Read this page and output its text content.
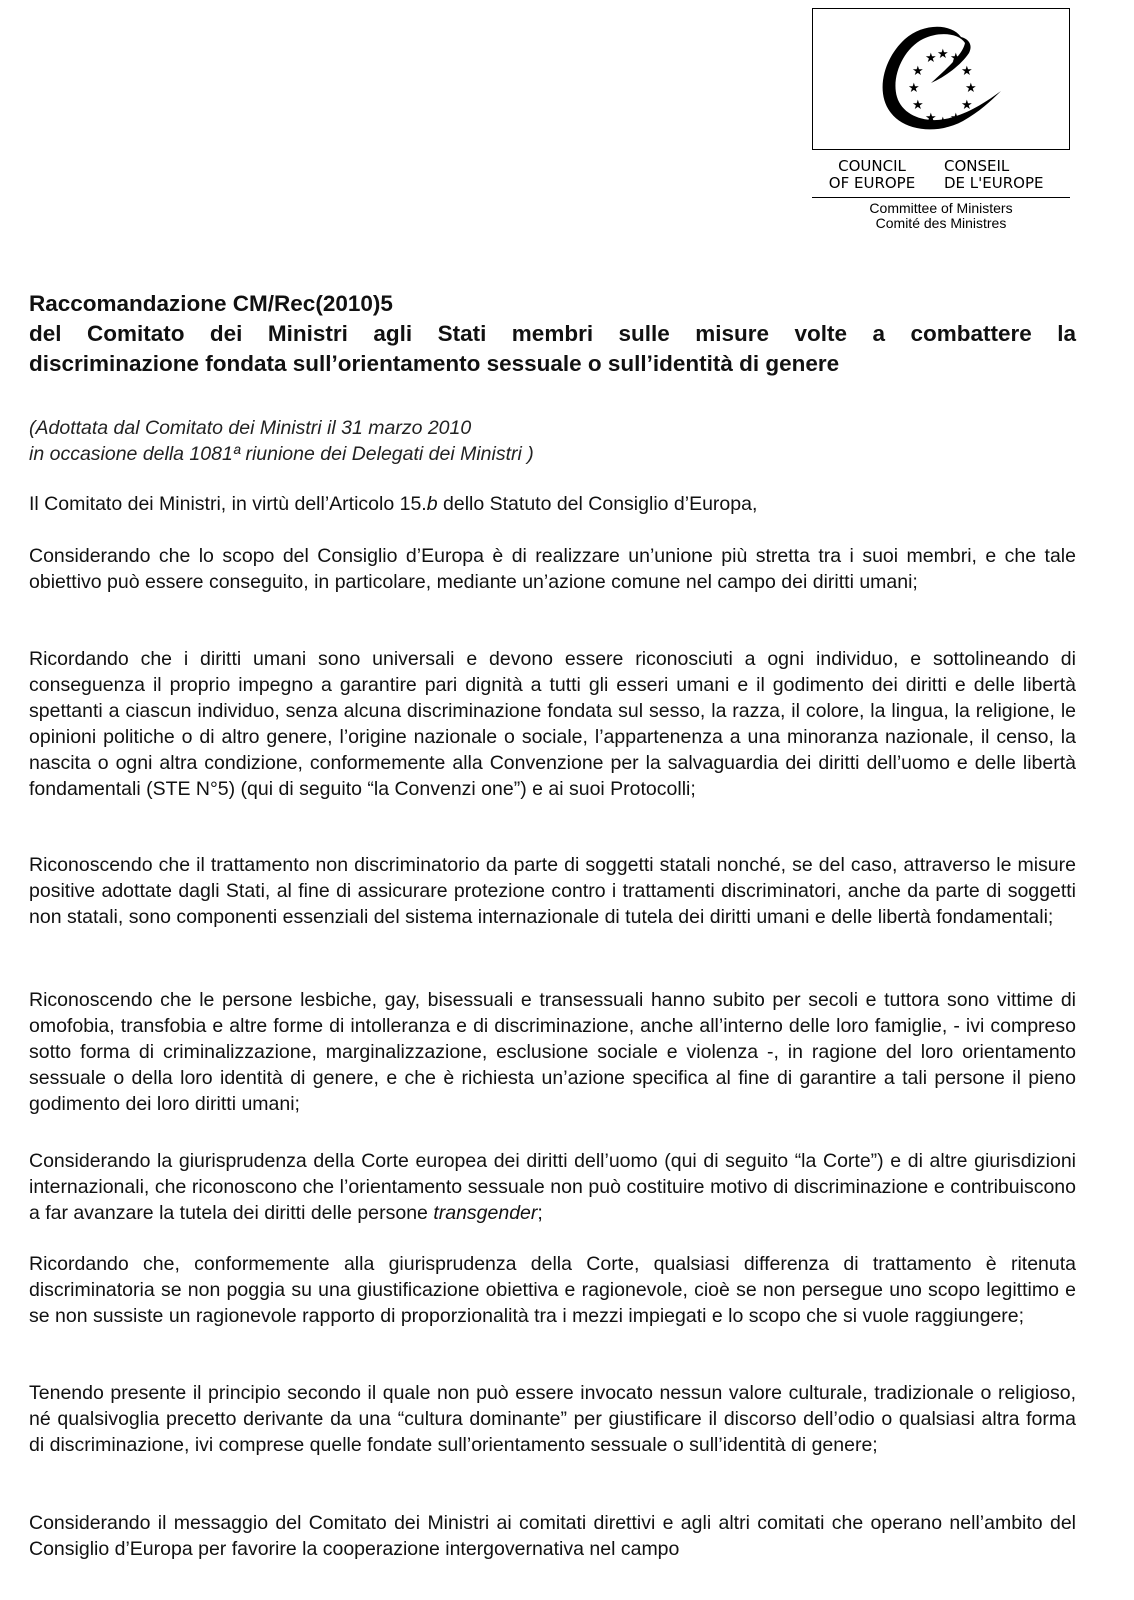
★ ★ ★
★	★
★	★
★	★
★ ★ ★
COUNCIL
OF EUROPE
CONSEIL
DE L'EUROPE
Committee of Ministers
Comité des Ministres
Raccomandazione CM/Rec(2010)5
del Comitato dei Ministri agli Stati membri sulle misure volte a combattere la
discriminazione fondata sull’orientamento sessuale o sull’identità di genere
(Adottata dal Comitato dei Ministri il 31 marzo 2010
in occasione della 1081ª riunione dei Delegati dei Ministri )
Il Comitato dei Ministri, in virtù dell’Articolo 15.b dello Statuto del Consiglio d’Europa,
Considerando che lo scopo del Consiglio d’Europa è di realizzare un’unione più stretta tra i suoi membri, e che tale obiettivo può essere conseguito, in particolare, mediante un’azione comune nel campo dei diritti umani;
Ricordando che i diritti umani sono universali e devono essere riconosciuti a ogni individuo, e sottolineando di conseguenza il proprio impegno a garantire pari dignità a tutti gli esseri umani e il godimento dei diritti e delle libertà spettanti a ciascun individuo, senza alcuna discriminazione fondata sul sesso, la razza, il colore, la lingua, la religione, le opinioni politiche o di altro genere, l’origine nazionale o sociale, l’appartenenza a una minoranza nazionale, il censo, la nascita o ogni altra condizione, conformemente alla Convenzione per la salvaguardia dei diritti dell’uomo e delle libertà fondamentali (STE N°5) (qui di seguito “la Convenzi one”) e ai suoi Protocolli;
Riconoscendo che il trattamento non discriminatorio da parte di soggetti statali nonché, se del caso, attraverso le misure positive adottate dagli Stati, al fine di assicurare protezione contro i trattamenti discriminatori, anche da parte di soggetti non statali, sono componenti essenziali del sistema internazionale di tutela dei diritti umani e delle libertà fondamentali;
Riconoscendo che le persone lesbiche, gay, bisessuali e transessuali hanno subito per secoli e tuttora sono vittime di omofobia, transfobia e altre forme di intolleranza e di discriminazione, anche all’interno delle loro famiglie, - ivi compreso sotto forma di criminalizzazione, marginalizzazione, esclusione sociale e violenza -, in ragione del loro orientamento sessuale o della loro identità di genere, e che è richiesta un’azione specifica al fine di garantire a tali persone il pieno godimento dei loro diritti umani;
Considerando la giurisprudenza della Corte europea dei diritti dell’uomo (qui di seguito “la Corte”) e di altre giurisdizioni internazionali, che riconoscono che l’orientamento sessuale non può costituire motivo di discriminazione e contribuiscono a far avanzare la tutela dei diritti delle persone transgender;
Ricordando che, conformemente alla giurisprudenza della Corte, qualsiasi differenza di trattamento è ritenuta discriminatoria se non poggia su una giustificazione obiettiva e ragionevole, cioè se non persegue uno scopo legittimo e se non sussiste un ragionevole rapporto di proporzionalità tra i mezzi impiegati e lo scopo che si vuole raggiungere;
Tenendo presente il principio secondo il quale non può essere invocato nessun valore culturale, tradizionale o religioso, né qualsivoglia precetto derivante da una “cultura dominante” per giustificare il discorso dell’odio o qualsiasi altra forma di discriminazione, ivi comprese quelle fondate sull’orientamento sessuale o sull’identità di genere;
Considerando il messaggio del Comitato dei Ministri ai comitati direttivi e agli altri comitati che operano nell’ambito del Consiglio d’Europa per favorire la cooperazione intergovernativa nel campo
